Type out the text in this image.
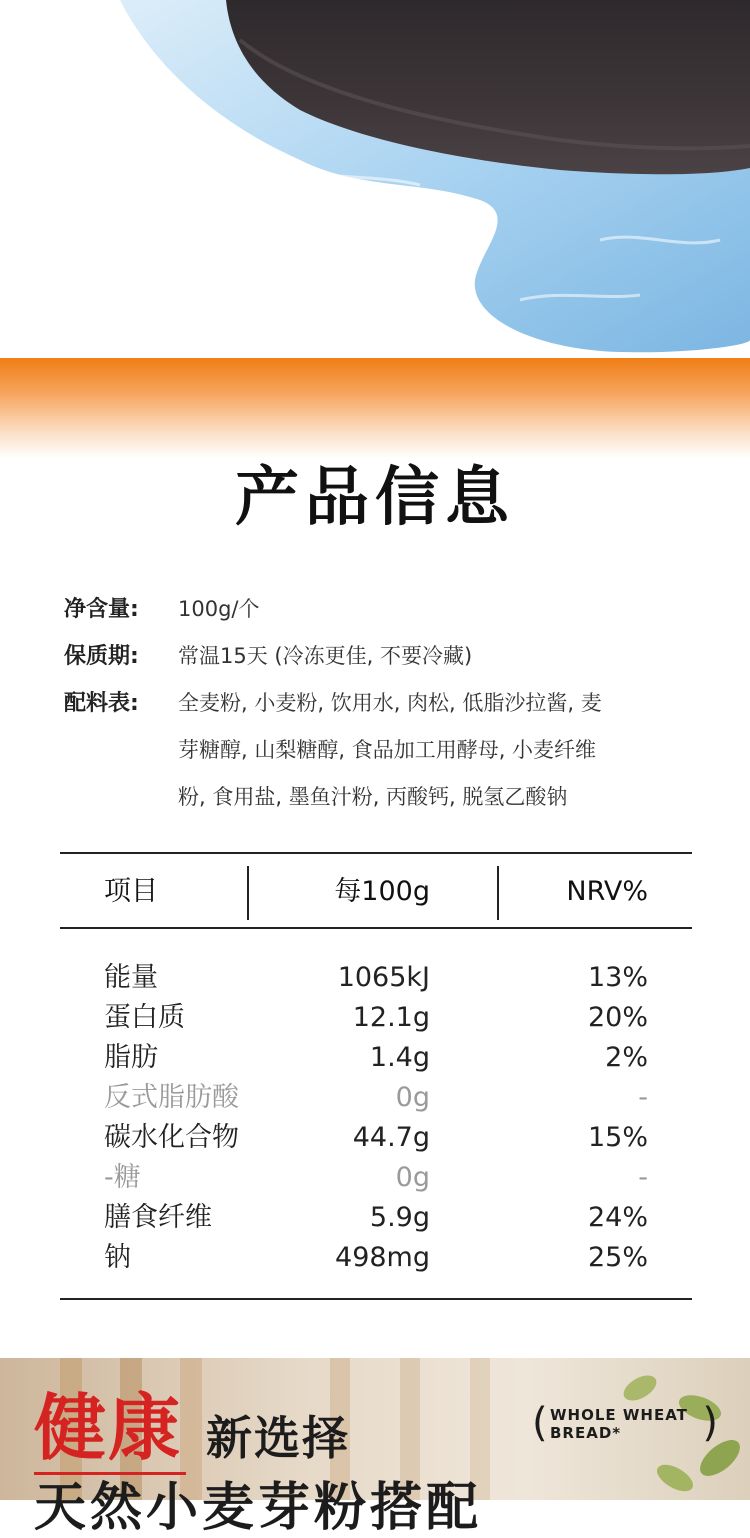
产品信息
净含量:	100g/个
保质期:	常温15天 (冷冻更佳, 不要冷藏)
配料表:	全麦粉, 小麦粉, 饮用水, 肉松, 低脂沙拉酱, 麦
芽糖醇, 山梨糖醇, 食品加工用酵母, 小麦纤维
粉, 食用盐, 墨鱼汁粉, 丙酸钙, 脱氢乙酸钠
项目	每100g	NRV%
能量	1065kJ	13%
蛋白质	12.1g	20%
脂肪	1.4g	2%
反式脂肪酸	0g	-
碳水化合物	44.7g	15%
-糖	0g	-
膳食纤维	5.9g	24%
钠	498mg	25%
健康 新选择
天然小麦芽粉搭配
( WHOLE WHEAT
BREAD* )
